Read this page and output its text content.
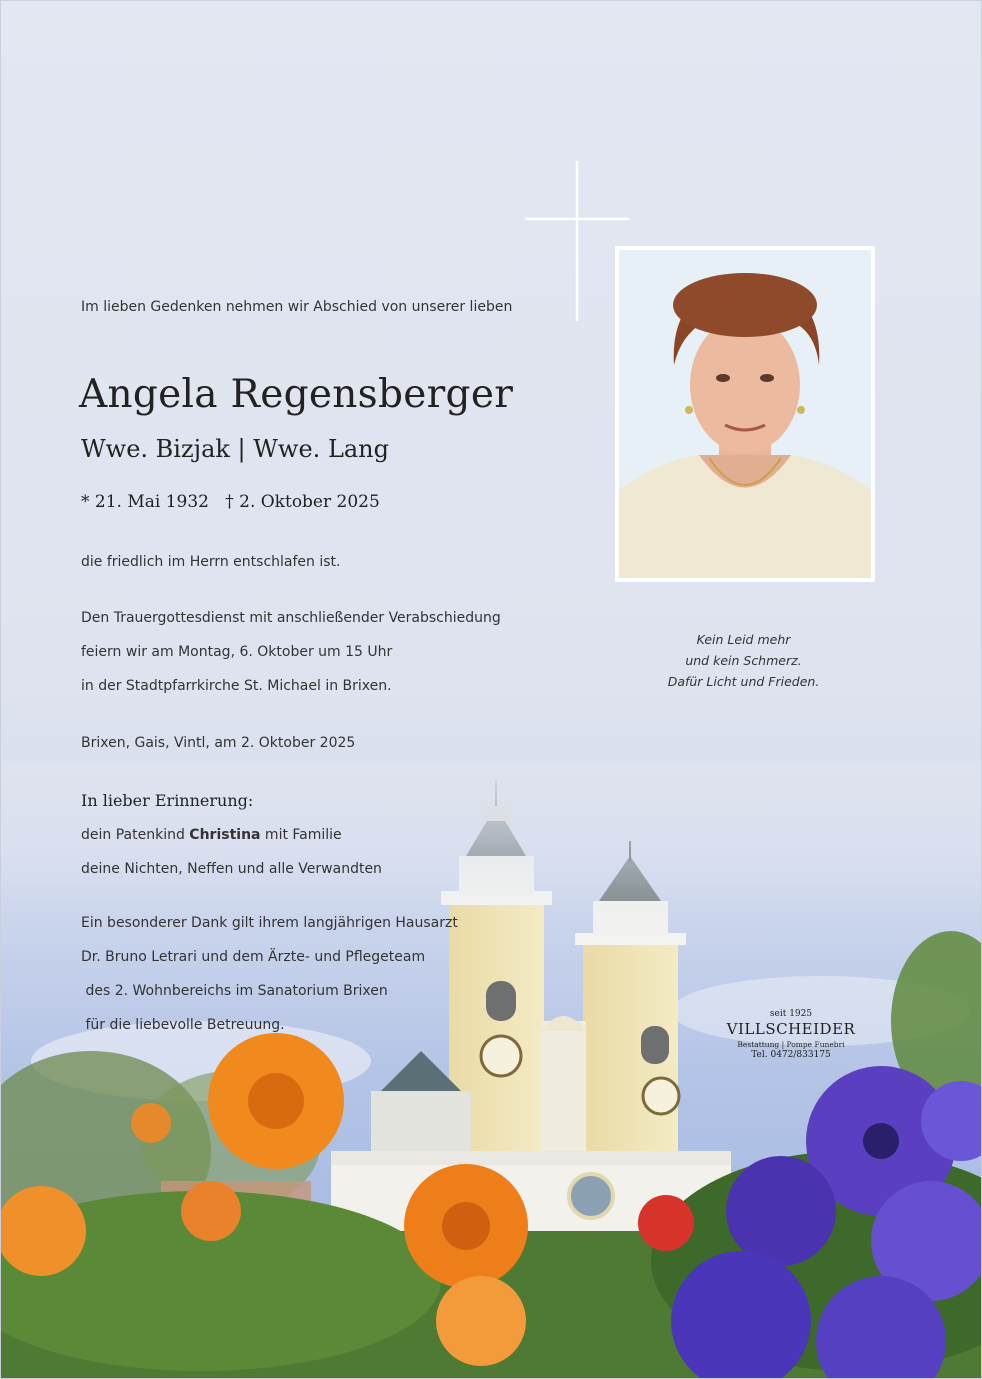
Im lieben Gedenken nehmen wir Abschied von unserer lieben
Angela Regensberger
Wwe. Bizjak | Wwe. Lang
* 21. Mai 1932 † 2. Oktober 2025
die friedlich im Herrn entschlafen ist.
Den Trauergottesdienst mit anschließender Verabschiedung
feiern wir am Montag, 6. Oktober um 15 Uhr
in der Stadtpfarrkirche St. Michael in Brixen.
Brixen, Gais, Vintl, am 2. Oktober 2025
In lieber Erinnerung:
dein Patenkind Christina mit Familie
deine Nichten, Neffen und alle Verwandten
Ein besonderer Dank gilt ihrem langjährigen Hausarzt
Dr. Bruno Letrari und dem Ärzte- und Pflegeteam
des 2. Wohnbereichs im Sanatorium Brixen
für die liebevolle Betreuung.
Kein Leid mehr
und kein Schmerz.
Dafür Licht und Frieden.
seit 1925
VILLSCHEIDER
Bestattung | Pompe Funebri
Tel. 0472/833175
